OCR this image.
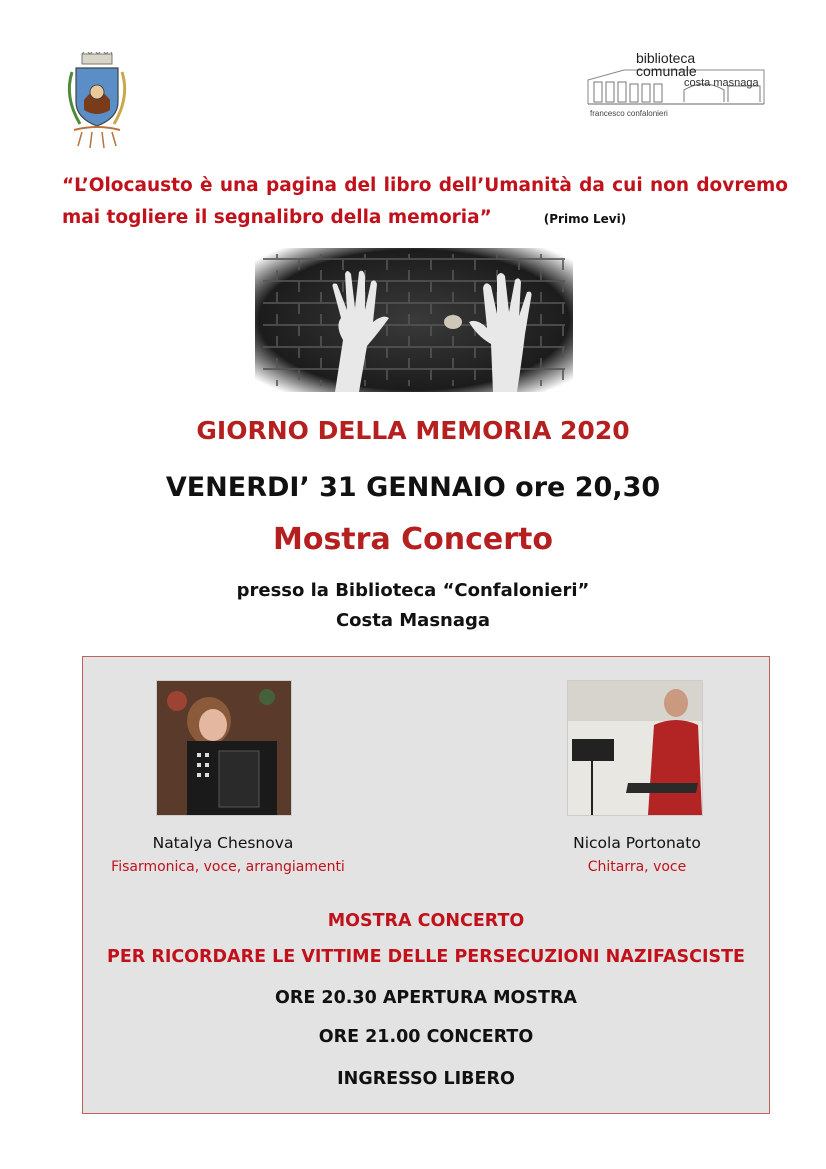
biblioteca
comunale
costa masnaga
francesco confalonieri
“L’Olocausto è una pagina del libro dell’Umanità da cui non dovremo mai togliere il segnalibro della memoria”	(Primo Levi)
GIORNO DELLA MEMORIA 2020
VENERDI’ 31 GENNAIO ore 20,30
Mostra Concerto
presso la Biblioteca “Confalonieri”
Costa Masnaga
Natalya Chesnova
Fisarmonica, voce, arrangiamenti
Nicola Portonato
Chitarra, voce
MOSTRA CONCERTO
PER RICORDARE LE VITTIME DELLE PERSECUZIONI NAZIFASCISTE
ORE 20.30 APERTURA MOSTRA
ORE 21.00 CONCERTO
INGRESSO LIBERO
